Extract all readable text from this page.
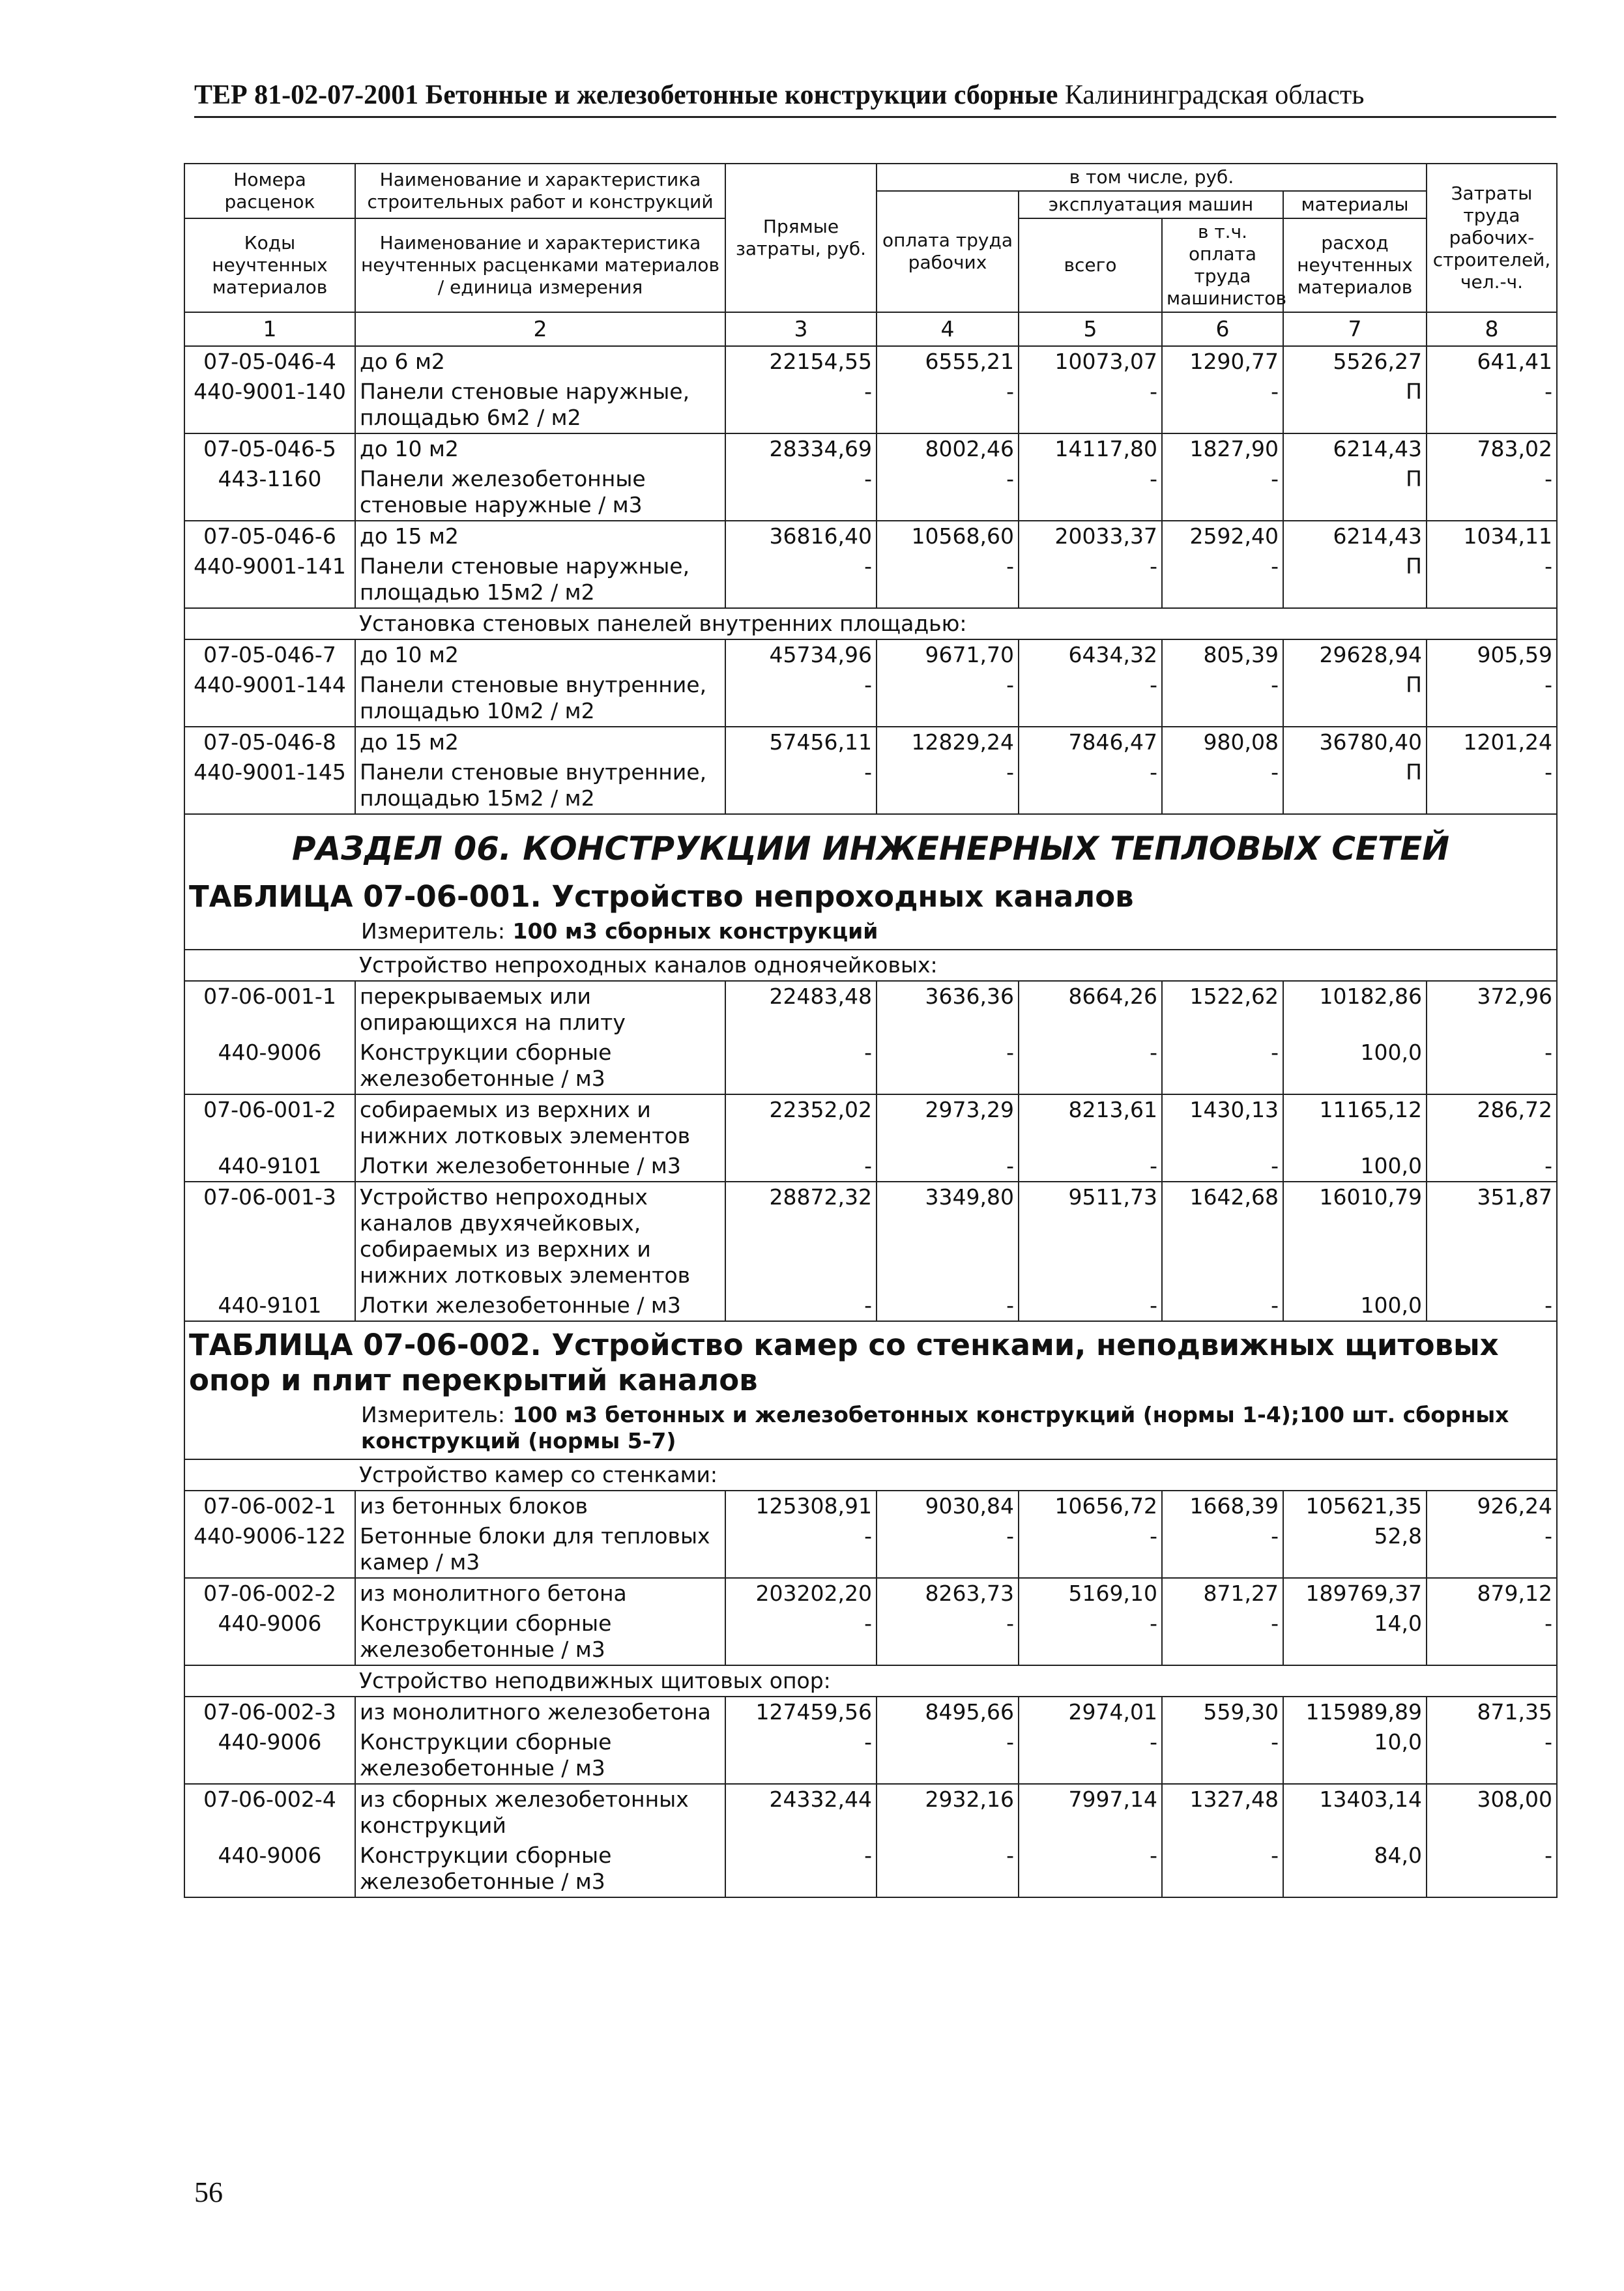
ТЕР 81-02-07-2001 Бетонные и железобетонные конструкции сборные Калининградская область
Номера расценок	Наименование и характеристика строительных работ и конструкций	Прямые затраты, руб.	в том числе, руб.				Затраты труда рабочих-строителей, чел.-ч.
			оплата труда рабочих	эксплуатация машин		материалы	
Коды неучтенных материалов	Наименование и характеристика неучтенных расценками материалов / единица измерения			всего	в т.ч. оплата труда машинистов	расход неучтенных материалов	

1	2	3	4	5	6	7	8
07-05-046-4	до 6 м2	22154,55	6555,21	10073,07	1290,77	5526,27	641,41
440-9001-140	Панели стеновые наружные, площадью 6м2 / м2	-	-	-	-	П	-
07-05-046-5	до 10 м2	28334,69	8002,46	14117,80	1827,90	6214,43	783,02
443-1160	Панели железобетонные стеновые наружные / м3	-	-	-	-	П	-
07-05-046-6	до 15 м2	36816,40	10568,60	20033,37	2592,40	6214,43	1034,11
440-9001-141	Панели стеновые наружные, площадью 15м2 / м2	-	-	-	-	П	-
	Установка стеновых панелей внутренних площадью:						
07-05-046-7	до 10 м2	45734,96	9671,70	6434,32	805,39	29628,94	905,59
440-9001-144	Панели стеновые внутренние, площадью 10м2 / м2	-	-	-	-	П	-
07-05-046-8	до 15 м2	57456,11	12829,24	7846,47	980,08	36780,40	1201,24
440-9001-145	Панели стеновые внутренние, площадью 15м2 / м2	-	-	-	-	П	-

РАЗДЕЛ 06. КОНСТРУКЦИИ ИНЖЕНЕРНЫХ ТЕПЛОВЫХ СЕТЕЙ							

ТАБЛИЦА 07-06-001. Устройство непроходных каналов
Измеритель: 100 м3 сборных конструкций							

	Устройство непроходных каналов одноячейковых:						
07-06-001-1	перекрываемых или опирающихся на плиту	22483,48	3636,36	8664,26	1522,62	10182,86	372,96
440-9006	Конструкции сборные железобетонные / м3	-	-	-	-	100,0	-
07-06-001-2	собираемых из верхних и нижних лотковых элементов	22352,02	2973,29	8213,61	1430,13	11165,12	286,72
440-9101	Лотки железобетонные / м3	-	-	-	-	100,0	-
07-06-001-3	Устройство непроходных каналов двухячейковых, собираемых из верхних и нижних лотковых элементов	28872,32	3349,80	9511,73	1642,68	16010,79	351,87
440-9101	Лотки железобетонные / м3	-	-	-	-	100,0	-

ТАБЛИЦА 07-06-002. Устройство камер со стенками, неподвижных щитовых опор и плит перекрытий каналов
Измеритель: 100 м3 бетонных и железобетонных конструкций (нормы 1-4);100 шт. сборных конструкций (нормы 5-7)							

	Устройство камер со стенками:						
07-06-002-1	из бетонных блоков	125308,91	9030,84	10656,72	1668,39	105621,35	926,24
440-9006-122	Бетонные блоки для тепловых камер / м3	-	-	-	-	52,8	-
07-06-002-2	из монолитного бетона	203202,20	8263,73	5169,10	871,27	189769,37	879,12
440-9006	Конструкции сборные железобетонные / м3	-	-	-	-	14,0	-
	Устройство неподвижных щитовых опор:						
07-06-002-3	из монолитного железобетона	127459,56	8495,66	2974,01	559,30	115989,89	871,35
440-9006	Конструкции сборные железобетонные / м3	-	-	-	-	10,0	-
07-06-002-4	из сборных железобетонных конструкций	24332,44	2932,16	7997,14	1327,48	13403,14	308,00
440-9006	Конструкции сборные железобетонные / м3	-	-	-	-	84,0	-
56
